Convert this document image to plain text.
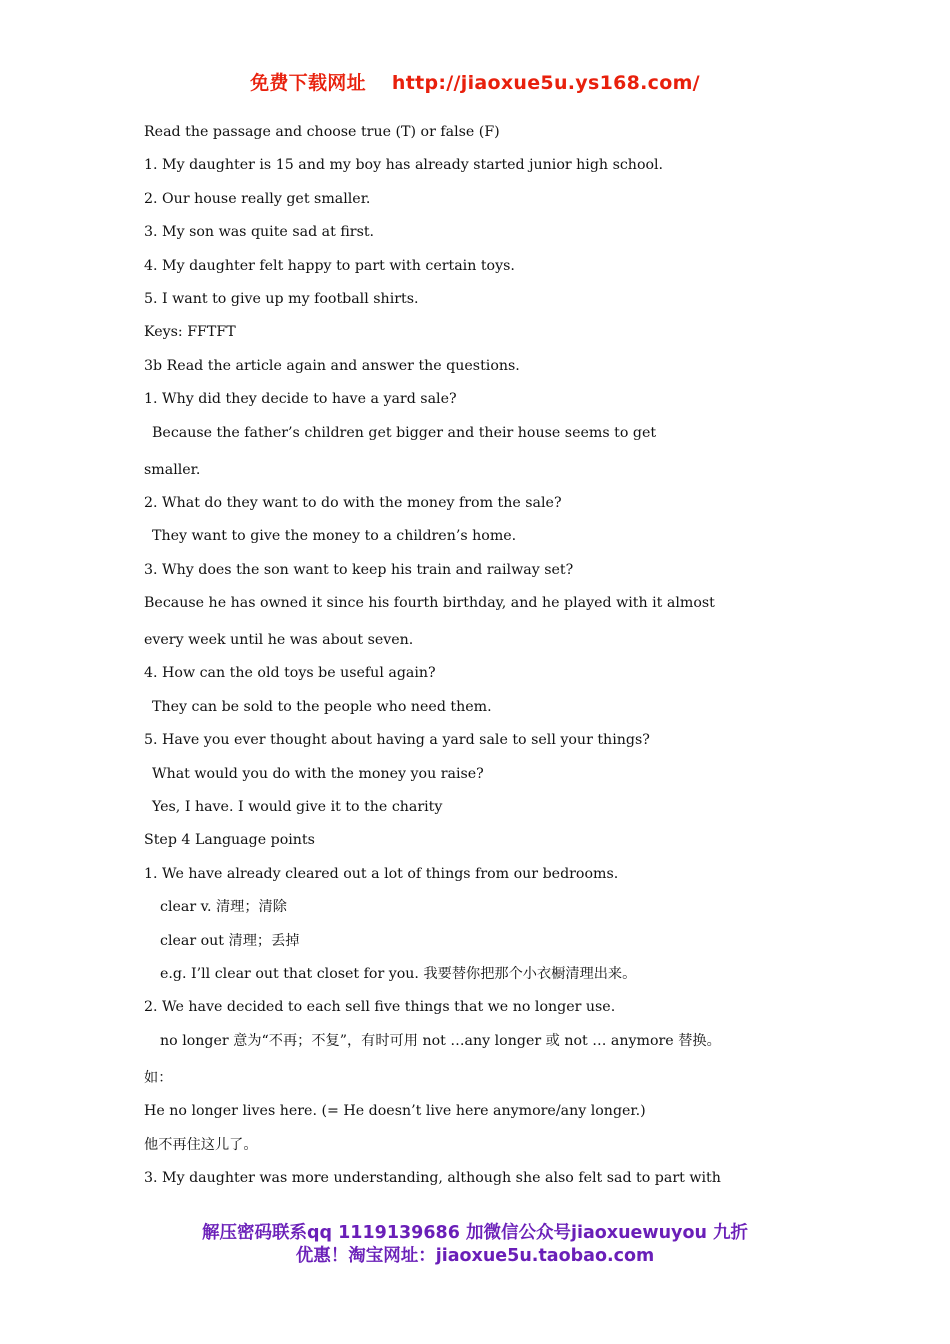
免费下载网址 http://jiaoxue5u.ys168.com/
Read the passage and choose true (T) or false (F)
1. My daughter is 15 and my boy has already started junior high school.
2. Our house really get smaller.
3. My son was quite sad at first.
4. My daughter felt happy to part with certain toys.
5. I want to give up my football shirts.
Keys: FFTFT
3b Read the article again and answer the questions.
1. Why did they decide to have a yard sale?
Because the father’s children get bigger and their house seems to get
smaller.
2. What do they want to do with the money from the sale?
They want to give the money to a children’s home.
3. Why does the son want to keep his train and railway set?
Because he has owned it since his fourth birthday, and he played with it almost
every week until he was about seven.
4. How can the old toys be useful again?
They can be sold to the people who need them.
5. Have you ever thought about having a yard sale to sell your things?
What would you do with the money you raise?
Yes, I have. I would give it to the charity
Step 4 Language points
1. We have already cleared out a lot of things from our bedrooms.
clear v. 清理；清除
clear out 清理；丢掉
e.g. I’ll clear out that closet for you. 我要替你把那个小衣橱清理出来。
2. We have decided to each sell five things that we no longer use.
no longer 意为“不再；不复”，有时可用 not …any longer 或 not … anymore 替换。
如：
He no longer lives here. (= He doesn’t live here anymore/any longer.)
他不再住这儿了。
3. My daughter was more understanding, although she also felt sad to part with
解压密码联系qq 1119139686 加微信公众号jiaoxuewuyou 九折
优惠！淘宝网址：jiaoxue5u.taobao.com
